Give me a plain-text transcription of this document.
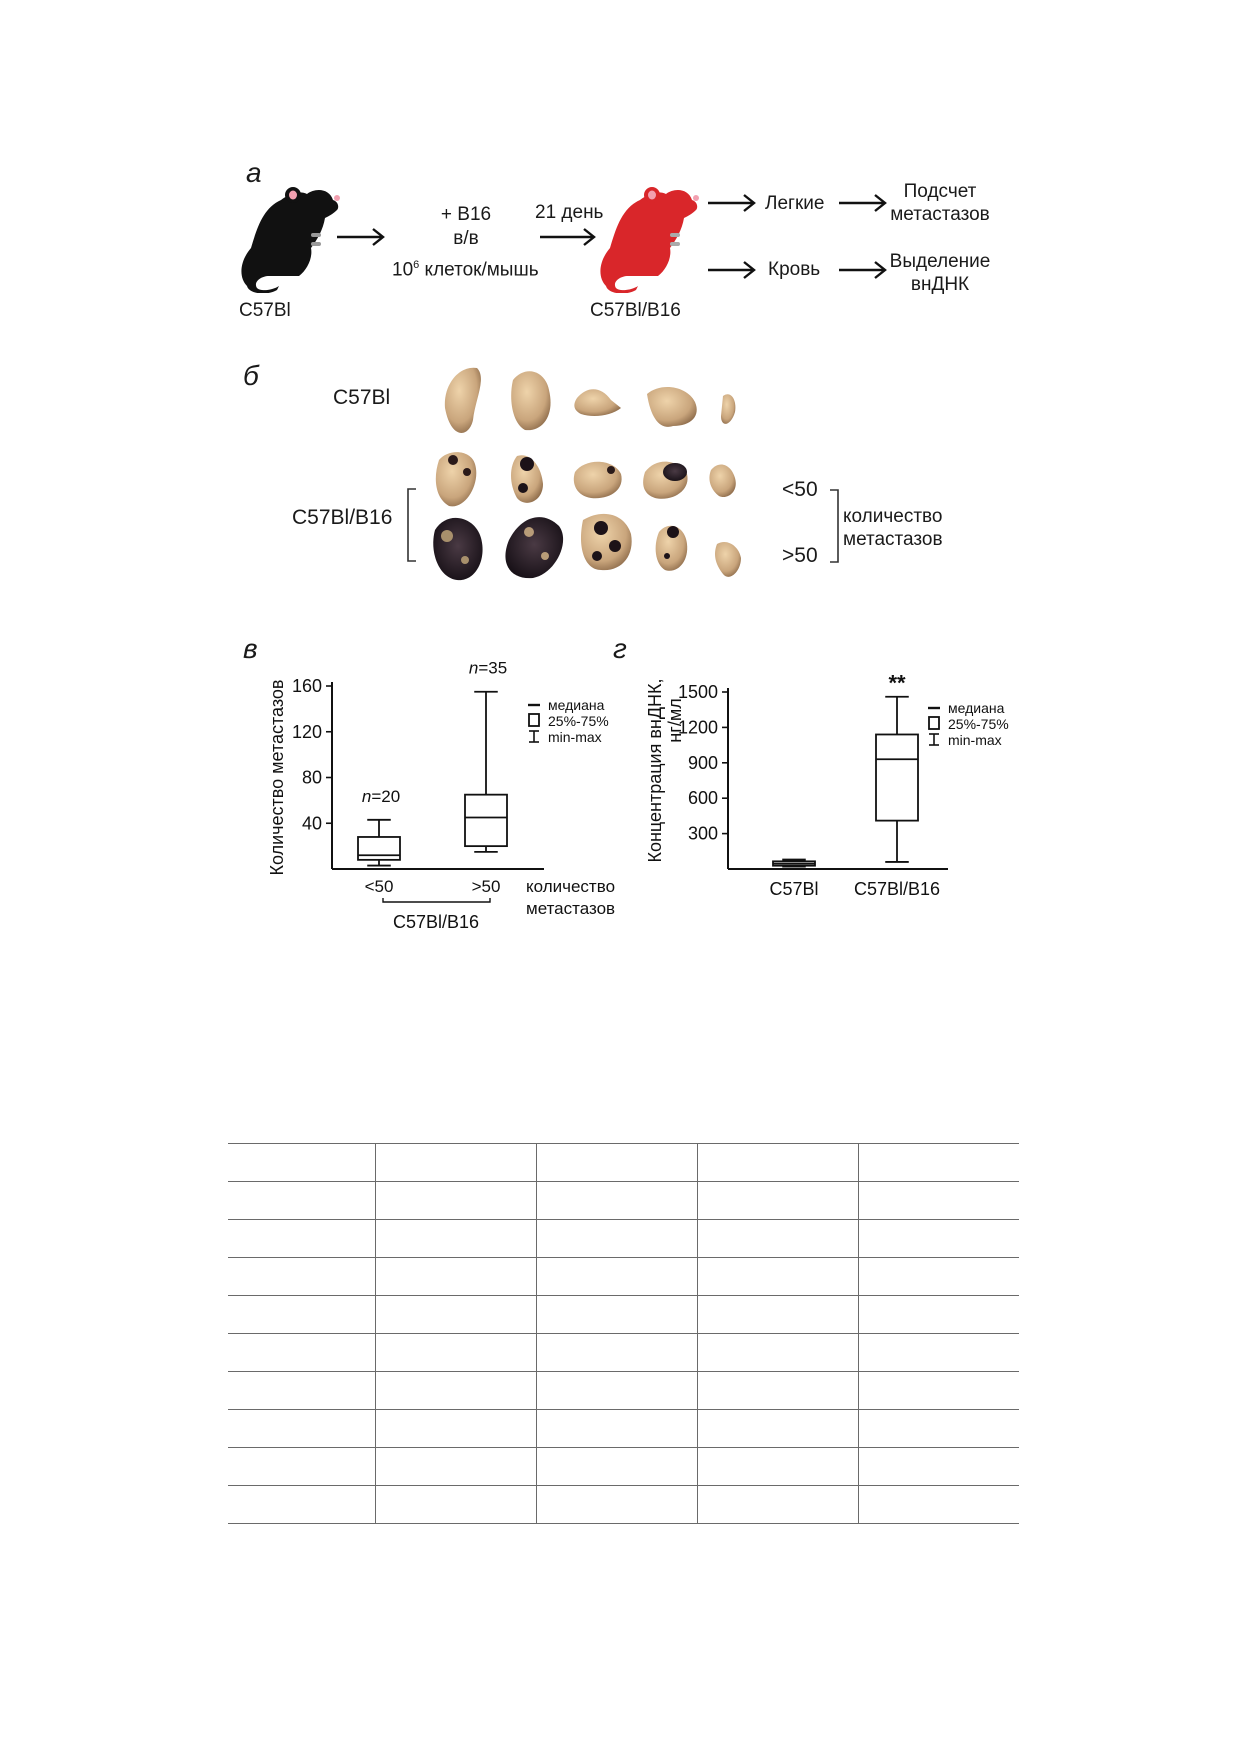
а
C57Bl
+ B16
в/в
$10^6$ клеток/мышь
21 день
C57Bl/B16
Легкие
Подсчет
метастазов
Кровь	Выделение
внДНК
б
C57Bl
C57Bl/B16
<50
>50
количество
метастазов
в
40
80
120
160
Количество метастазов
<50	>50
n=20
n=35
C57Bl/B16
количество
метастазов
медиана
25%-75%
min-max
г
300
600
900
1200
1500
Концентрация внДНК, нг/мл
C57Bl C57Bl/B16
**
медиана
25%-75%
min-max
